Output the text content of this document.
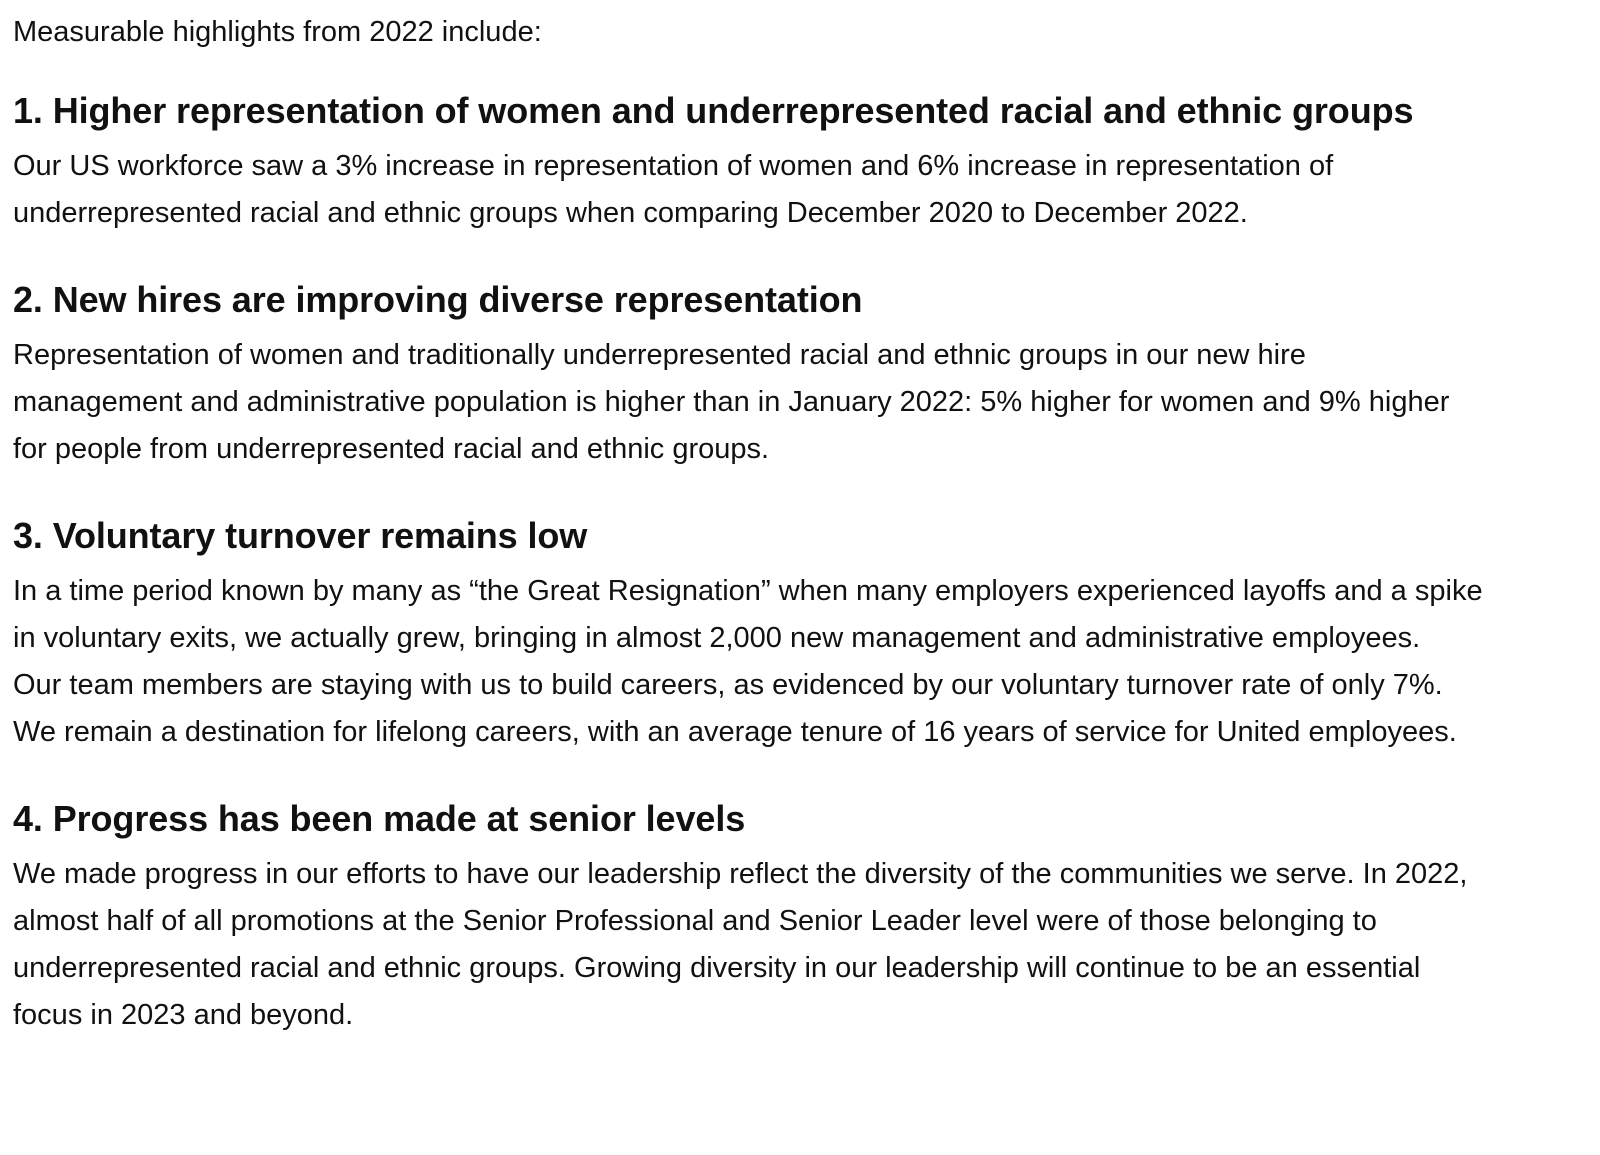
Measurable highlights from 2022 include:

1. Higher representation of women and underrepresented racial and ethnic groups

Our US workforce saw a 3% increase in representation of women and 6% increase in representation of
underrepresented racial and ethnic groups when comparing December 2020 to December 2022.

2. New hires are improving diverse representation

Representation of women and traditionally underrepresented racial and ethnic groups in our new hire
management and administrative population is higher than in January 2022: 5% higher for women and 9% higher
for people from underrepresented racial and ethnic groups.

3. Voluntary turnover remains low

In a time period known by many as “the Great Resignation” when many employers experienced layoffs and a spike
in voluntary exits, we actually grew, bringing in almost 2,000 new management and administrative employees.
Our team members are staying with us to build careers, as evidenced by our voluntary turnover rate of only 7%.
We remain a destination for lifelong careers, with an average tenure of 16 years of service for United employees.

4. Progress has been made at senior levels

We made progress in our efforts to have our leadership reflect the diversity of the communities we serve. In 2022,
almost half of all promotions at the Senior Professional and Senior Leader level were of those belonging to
underrepresented racial and ethnic groups. Growing diversity in our leadership will continue to be an essential
focus in 2023 and beyond.
